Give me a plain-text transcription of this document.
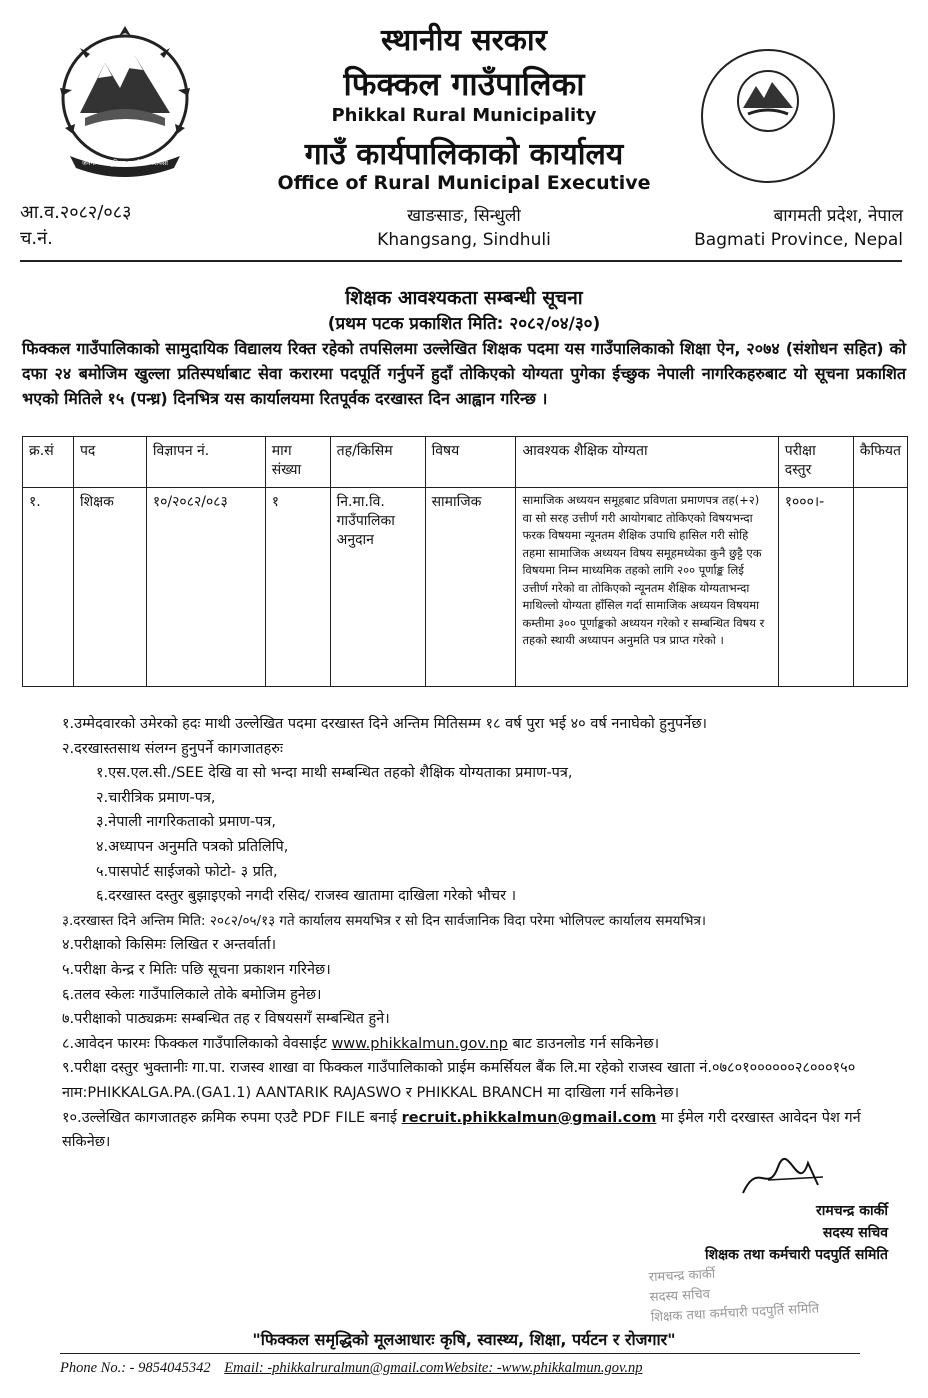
जननी जन्मभूमिश्च स्वर्गादपि गरीयसी
स्थानीय सरकार
फिक्कल गाउँपालिका
Phikkal Rural Municipality
गाउँ कार्यपालिकाको कार्यालय
Office of Rural Municipal Executive
खाङसाङ, सिन्धुली
Khangsang, Sindhuli
आ.व.२०८२/०८३
च.नं.
बागमती प्रदेश, नेपाल
Bagmati Province, Nepal
शिक्षक आवश्यकता सम्बन्धी सूचना
(प्रथम पटक प्रकाशित मिति: २०८२/०४/३०)
फिक्कल गाउँपालिकाको सामुदायिक विद्यालय रिक्त रहेको तपसिलमा उल्लेखित शिक्षक पदमा यस गाउँपालिकाको शिक्षा ऐन, २०७४ (संशोधन सहित) को दफा २४ बमोजिम खुल्ला प्रतिस्पर्धाबाट सेवा करारमा पदपूर्ति गर्नुपर्ने हुदाँ तोकिएको योग्यता पुगेका ईच्छुक नेपाली नागरिकहरुबाट यो सूचना प्रकाशित भएको मितिले १५ (पन्ध्र) दिनभित्र यस कार्यालयमा रितपूर्वक दरखास्त दिन आह्वान गरिन्छ ।
क्र.सं	पद	विज्ञापन नं.	माग संख्या	तह/किसिम	विषय	आवश्यक शैक्षिक योग्यता	परीक्षा दस्तुर	कैफियत
१.	शिक्षक	१०/२०८२/०८३	१	नि.मा.वि. गाउँपालिका अनुदान	सामाजिक	सामाजिक अध्ययन समूहबाट प्रविणता प्रमाणपत्र तह(+२) वा सो सरह उत्तीर्ण गरी आयोगबाट तोकिएको विषयभन्दा फरक विषयमा न्यूनतम शैक्षिक उपाधि हासिल गरी सोहि तहमा सामाजिक अध्ययन विषय समूहमध्येका कुनै छुट्टै एक विषयमा निम्न माध्यमिक तहको लागि २०० पूर्णाङ्क लिई उत्तीर्ण गरेको वा तोकिएको न्यूनतम शैक्षिक योग्यताभन्दा माथिल्लो योग्यता हाँसिल गर्दा सामाजिक अध्ययन विषयमा कम्तीमा ३०० पूर्णाङ्कको अध्ययन गरेको र सम्बन्धित विषय र तहको स्थायी अध्यापन अनुमति पत्र प्राप्त गरेको ।	१०००।-	
१.उम्मेदवारको उमेरको हदः माथी उल्लेखित पदमा दरखास्त दिने अन्तिम मितिसम्म १८ वर्ष पुरा भई ४० वर्ष ननाघेको हुनुपर्नेछ।
२.दरखास्तसाथ संलग्न हुनुपर्ने कागजातहरुः
१.एस.एल.सी./SEE देखि वा सो भन्दा माथी सम्बन्धित तहको शैक्षिक योग्यताका प्रमाण-पत्र,
२.चारीत्रिक प्रमाण-पत्र,
३.नेपाली नागरिकताको प्रमाण-पत्र,
४.अध्यापन अनुमति पत्रको प्रतिलिपि,
५.पासपोर्ट साईजको फोटो- ३ प्रति,
६.दरखास्त दस्तुर बुझाइएको नगदी रसिद/ राजस्व खातामा दाखिला गरेको भौचर ।
३.दरखास्त दिने अन्तिम मिति: २०८२/०५/१३ गते कार्यालय समयभित्र र सो दिन सार्वजानिक विदा परेमा भोलिपल्ट कार्यालय समयभित्र।
४.परीक्षाको किसिमः लिखित र अन्तर्वार्ता।
५.परीक्षा केन्द्र र मितिः पछि सूचना प्रकाशन गरिनेछ।
६.तलव स्केलः गाउँपालिकाले तोके बमोजिम हुनेछ।
७.परीक्षाको पाठ्यक्रमः सम्बन्धित तह र विषयसगँ सम्बन्धित हुने।
८.आवेदन फारमः फिक्कल गाउँपालिकाको वेवसाईट www.phikkalmun.gov.np बाट डाउनलोड गर्न सकिनेछ।
९.परीक्षा दस्तुर भुक्तानीः गा.पा. राजस्व शाखा वा फिक्कल गाउँपालिकाको प्राईम कमर्सियल बैंक लि.मा रहेको राजस्व खाता नं.०७८०१००००००२८०००१५० नाम:PHIKKALGA.PA.(GA1.1) AANTARIK RAJASWO र PHIKKAL BRANCH मा दाखिला गर्न सकिनेछ।
१०.उल्लेखित कागजातहरु क्रमिक रुपमा एउटै PDF FILE बनाई recruit.phikkalmun@gmail.com मा ईमेल गरी दरखास्त आवेदन पेश गर्न सकिनेछ।
रामचन्द्र कार्की
सदस्य सचिव
शिक्षक तथा कर्मचारी पदपुर्ति समिति
रामचन्द्र कार्की
सदस्य सचिव
शिक्षक तथा कर्मचारी पदपुर्ति समिति
"फिक्कल समृद्धिको मूलआधारः कृषि, स्वास्थ्य, शिक्षा, पर्यटन र रोजगार"
Phone No.: - 9854045342 Email: -phikkalruralmun@gmail.comWebsite: -www.phikkalmun.gov.np
